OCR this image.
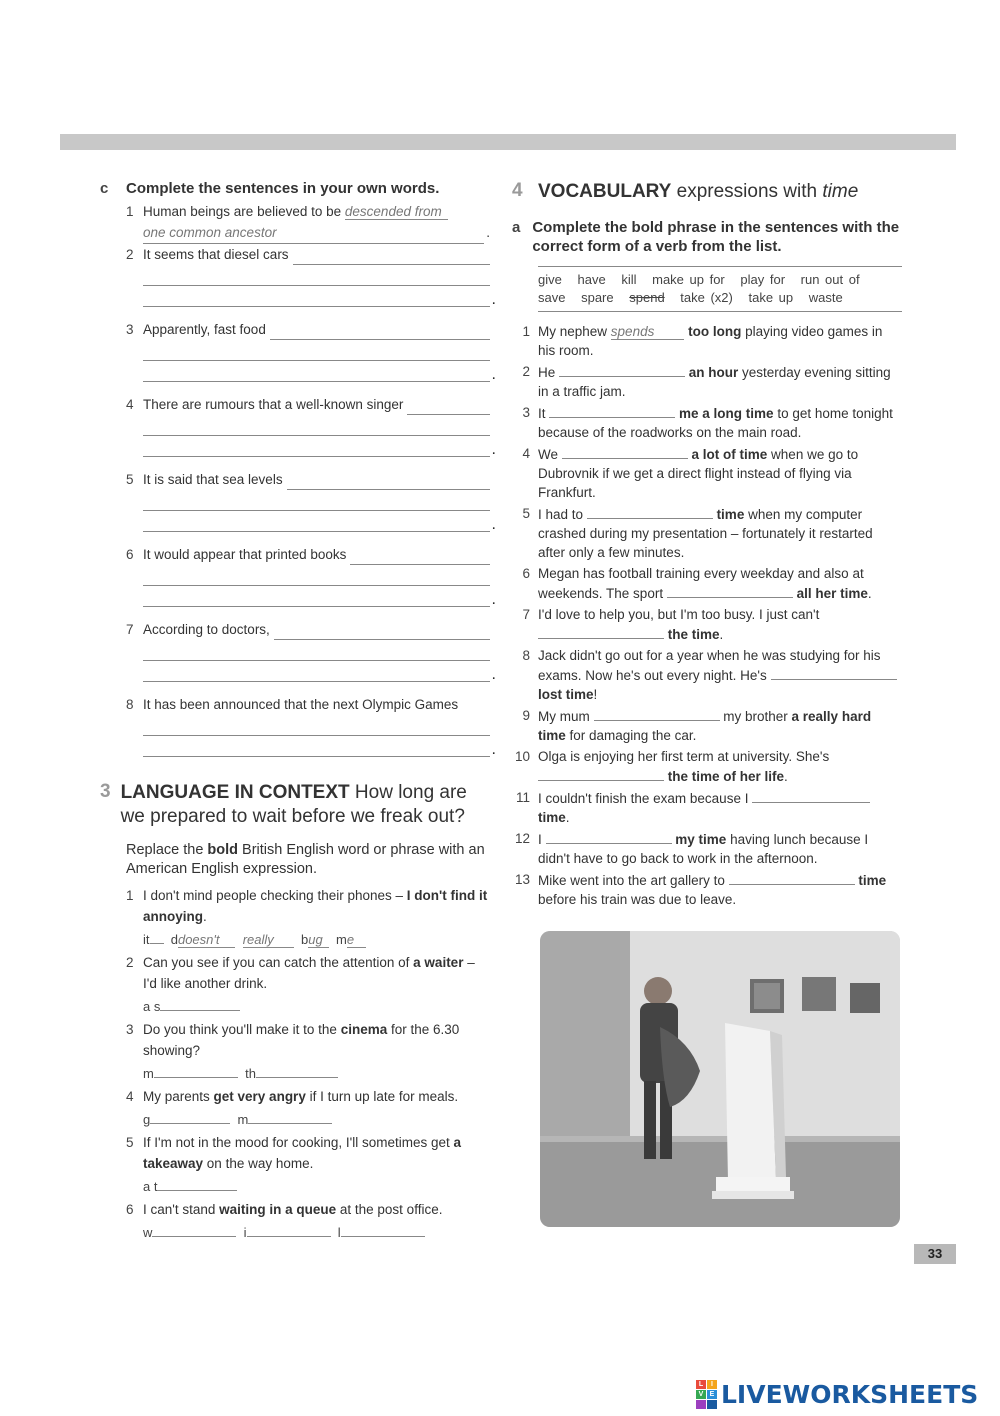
c	Complete the sentences in your own words.
1 Human beings are believed to be descended from
one common ancestor	.
2 It seems that diesel cars
.
3 Apparently, fast food
.
4 There are rumours that a well-known singer
.
5 It is said that sea levels
.
6 It would appear that printed books
.
7 According to doctors,
.
8 It has been announced that the next Olympic Games
.
3 LANGUAGE IN CONTEXT How long are we prepared to wait before we freak out?
Replace the bold British English word or phrase with an American English expression.
1 I don't mind people checking their phones – I don't find it annoying.
it ddoesn't really bug me
2 Can you see if you can catch the attention of a waiter – I'd like another drink.
a s
3 Do you think you'll make it to the cinema for the 6.30 showing?
m	th
4 My parents get very angry if I turn up late for meals.
g	m
5 If I'm not in the mood for cooking, I'll sometimes get a takeaway on the way home.
a t
6 I can't stand waiting in a queue at the post office.
w	i	l
4 VOCABULARY expressions with time
a Complete the bold phrase in the sentences with the correct form of a verb from the list.
give have kill make up for play for run out of
save spare spend take (x2) take up waste
1 My nephew spends	too long playing video games in his room.
2 He	an hour yesterday evening sitting in a traffic jam.
3 It	me a long time to get home tonight because of the roadworks on the main road.
4 We	a lot of time when we go to Dubrovnik if we get a direct flight instead of flying via Frankfurt.
5 I had to	time when my computer crashed during my presentation – fortunately it restarted after only a few minutes.
6 Megan has football training every weekday and also at weekends. The sport	all her time.
7 I'd love to help you, but I'm too busy. I just can't  the time.
8 Jack didn't go out for a year when he was studying for his exams. Now he's out every night. He's  lost time!
9 My mum	my brother a really hard time for damaging the car.
10 Olga is enjoying her first term at university. She's  the time of her life.
11 I couldn't finish the exam because I  time.
12 I	my time having lunch because I didn't have to go back to work in the afternoon.
13 Mike went into the art gallery to	time before his train was due to leave.
33
L	I
V E LIVEWORKSHEETS
